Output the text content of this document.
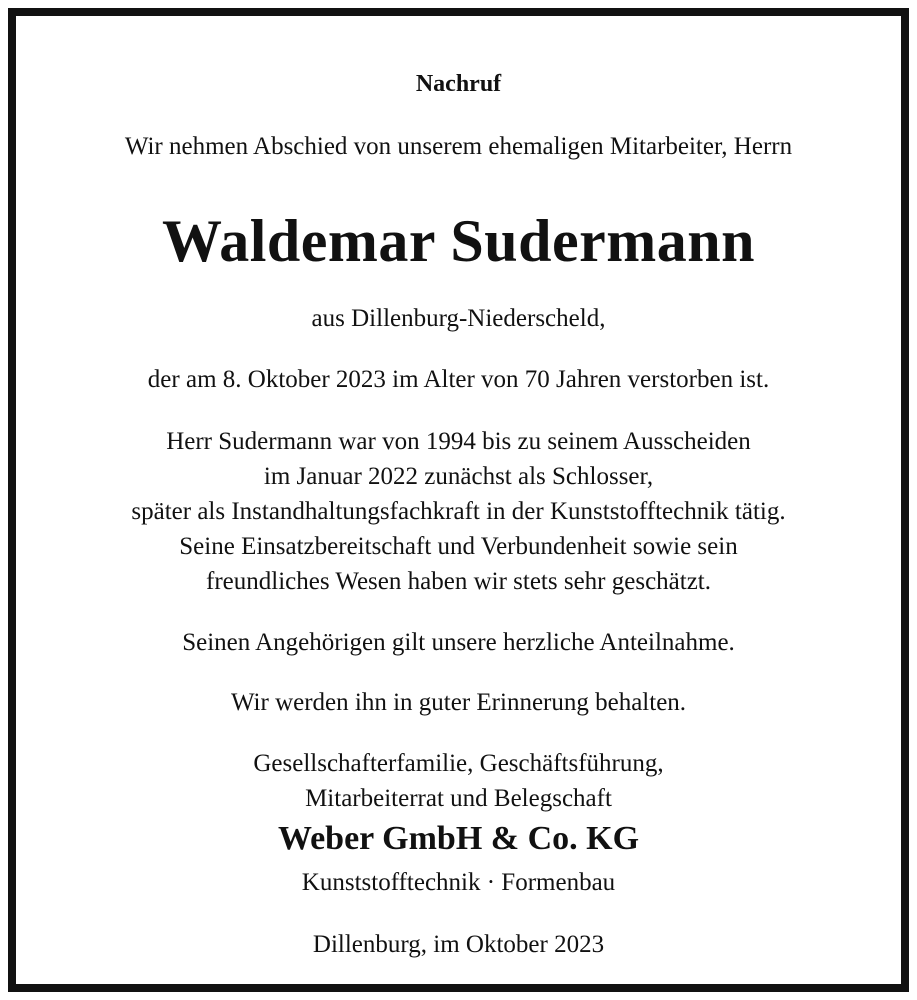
Nachruf
Wir nehmen Abschied von unserem ehemaligen Mitarbeiter, Herrn
Waldemar Sudermann
aus Dillenburg-Niederscheld,
der am 8. Oktober 2023 im Alter von 70 Jahren verstorben ist.
Herr Sudermann war von 1994 bis zu seinem Ausscheiden
im Januar 2022 zunächst als Schlosser,
später als Instandhaltungsfachkraft in der Kunststofftechnik tätig.
Seine Einsatzbereitschaft und Verbundenheit sowie sein
freundliches Wesen haben wir stets sehr geschätzt.
Seinen Angehörigen gilt unsere herzliche Anteilnahme.
Wir werden ihn in guter Erinnerung behalten.
Gesellschafterfamilie, Geschäftsführung,
Mitarbeiterrat und Belegschaft
Weber GmbH & Co. KG
Kunststofftechnik · Formenbau
Dillenburg, im Oktober 2023
